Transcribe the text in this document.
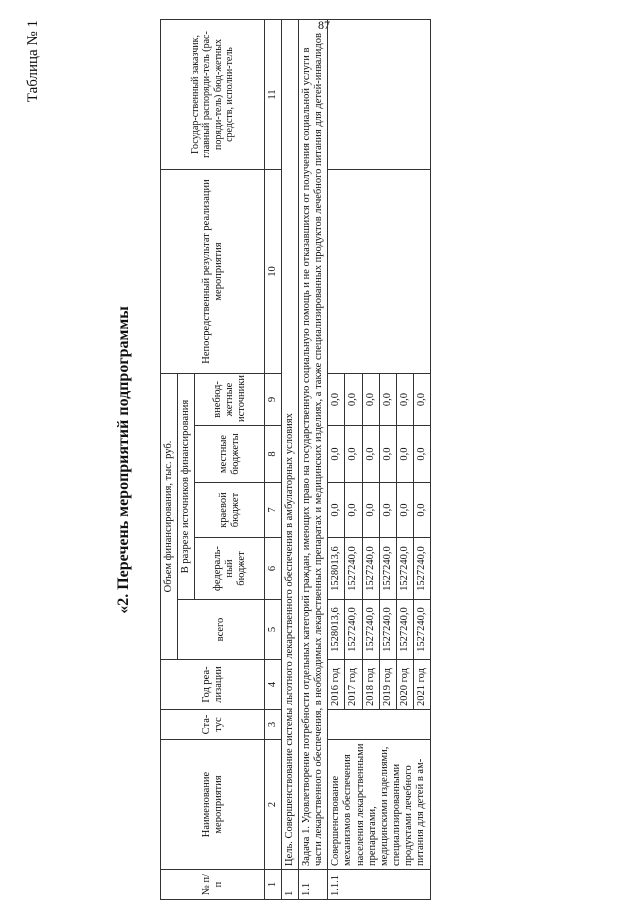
87
Таблица № 1
«2. Перечень мероприятий подпрограммы
№ п/п	Наименование мероприятия	Ста-тус	Год реа-лизации	Объем финансирования, тыс. руб.					Непосредственный результат реализации мероприятия	Государ-ственный заказчик, главный распоряди-тель (рас-поряди-тель) бюд-жетных средств, исполни-тель
				всего	В разрезе источников финансирования					
					федераль-ный бюджет	краевой бюджет	местные бюджеты	внебюд-жетные источники		
1	2	3	4	5	6	7	8	9	10	11
1	Цель. Совершенствование системы льготного лекарственного обеспечения в амбулаторных условиях									
1.1	Задача 1. Удовлетворение потребности отдельных категорий граждан, имеющих право на государственную социальную помощь и не отказавшихся от получения социальной услуги в части лекарственного обеспечения, в необходимых лекарственных препаратах и медицинских изделиях, а также специализированных продуктов лечебного питания для детей-инвалидов									
1.1.1	Совершенствование механизмов обеспечения населения лекарственными препаратами, медицинскими изделиями, специализированными продуктами лечебного питания для детей в ам-		2016 год	1528013,6	1528013,6	0,0	0,0	0,0		
			2017 год	1527240,0	1527240,0	0,0	0,0	0,0		
			2018 год	1527240,0	1527240,0	0,0	0,0	0,0		
			2019 год	1527240,0	1527240,0	0,0	0,0	0,0		
			2020 год	1527240,0	1527240,0	0,0	0,0	0,0		
			2021 год	1527240,0	1527240,0	0,0	0,0	0,0		
